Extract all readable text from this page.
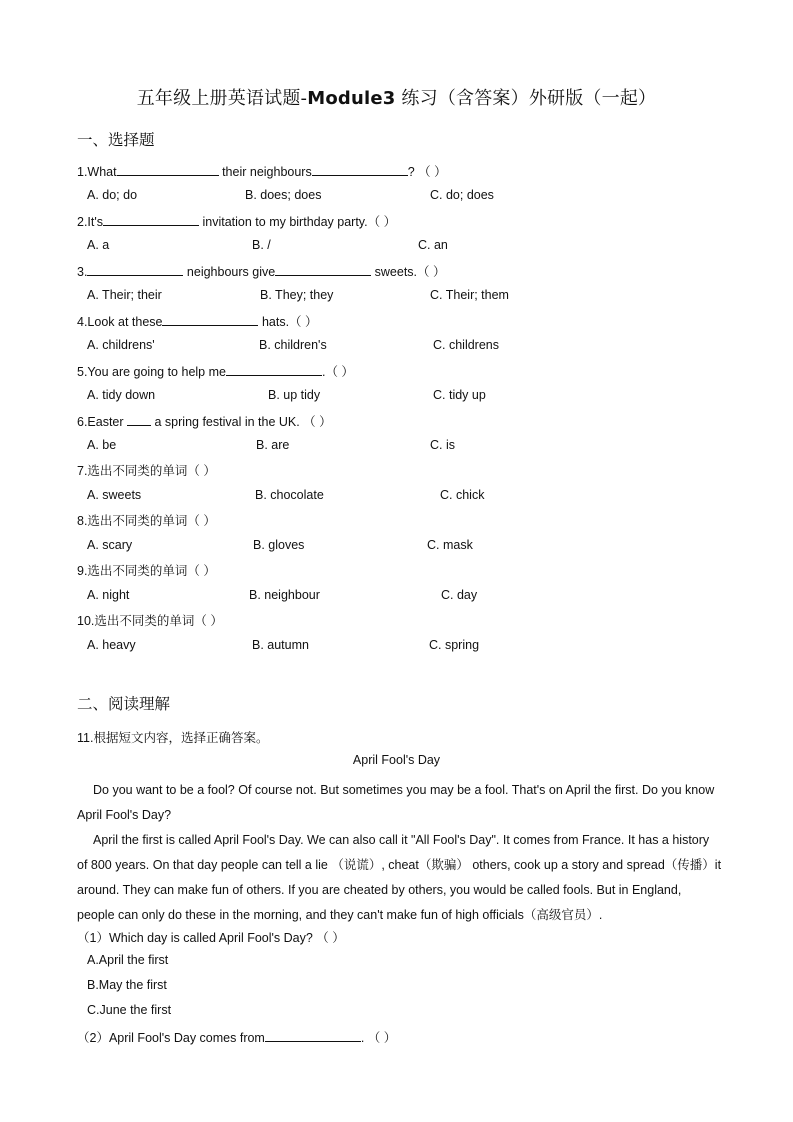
五年级上册英语试题-Module3 练习（含答案）外研版（一起）
一、选择题
1.What	their neighbours	? （ ）
A. do; do	B. does; does	C. do; does
2.It's	invitation to my birthday party.（ ）
A. a	B. /	C. an
3.	neighbours give	sweets.（ ）
A. Their; their	B. They; they	C. Their; them
4.Look at these	hats.（ ）
A. childrens'	B. children's	C. childrens
5.You are going to help me	.（ ）
A. tidy down	B. up tidy	C. tidy up
6.Easter  a spring festival in the UK. （ ）
A. be	B. are	C. is
7.选出不同类的单词（ ）
A. sweets	B. chocolate	C. chick
8.选出不同类的单词（ ）
A. scary	B. gloves	C. mask
9.选出不同类的单词（ ）
A. night	B. neighbour	C. day
10.选出不同类的单词（ ）
A. heavy	B. autumn	C. spring
二、阅读理解
11.根据短文内容，选择正确答案。
April Fool's Day
Do you want to be a fool? Of course not. But sometimes you may be a fool. That's on April the first. Do you know April Fool's Day?
April the first is called April Fool's Day. We can also call it "All Fool's Day". It comes from France. It has a history of 800 years. On that day people can tell a lie （说谎）, cheat（欺骗） others, cook up a story and spread（传播）it around. They can make fun of others. If you are cheated by others, you would be called fools. But in England, people can only do these in the morning, and they can't make fun of high officials（高级官员）.
（1）Which day is called April Fool's Day? （ ）
A.April the first
B.May the first
C.June the first
（2）April Fool's Day comes from	. （ ）
